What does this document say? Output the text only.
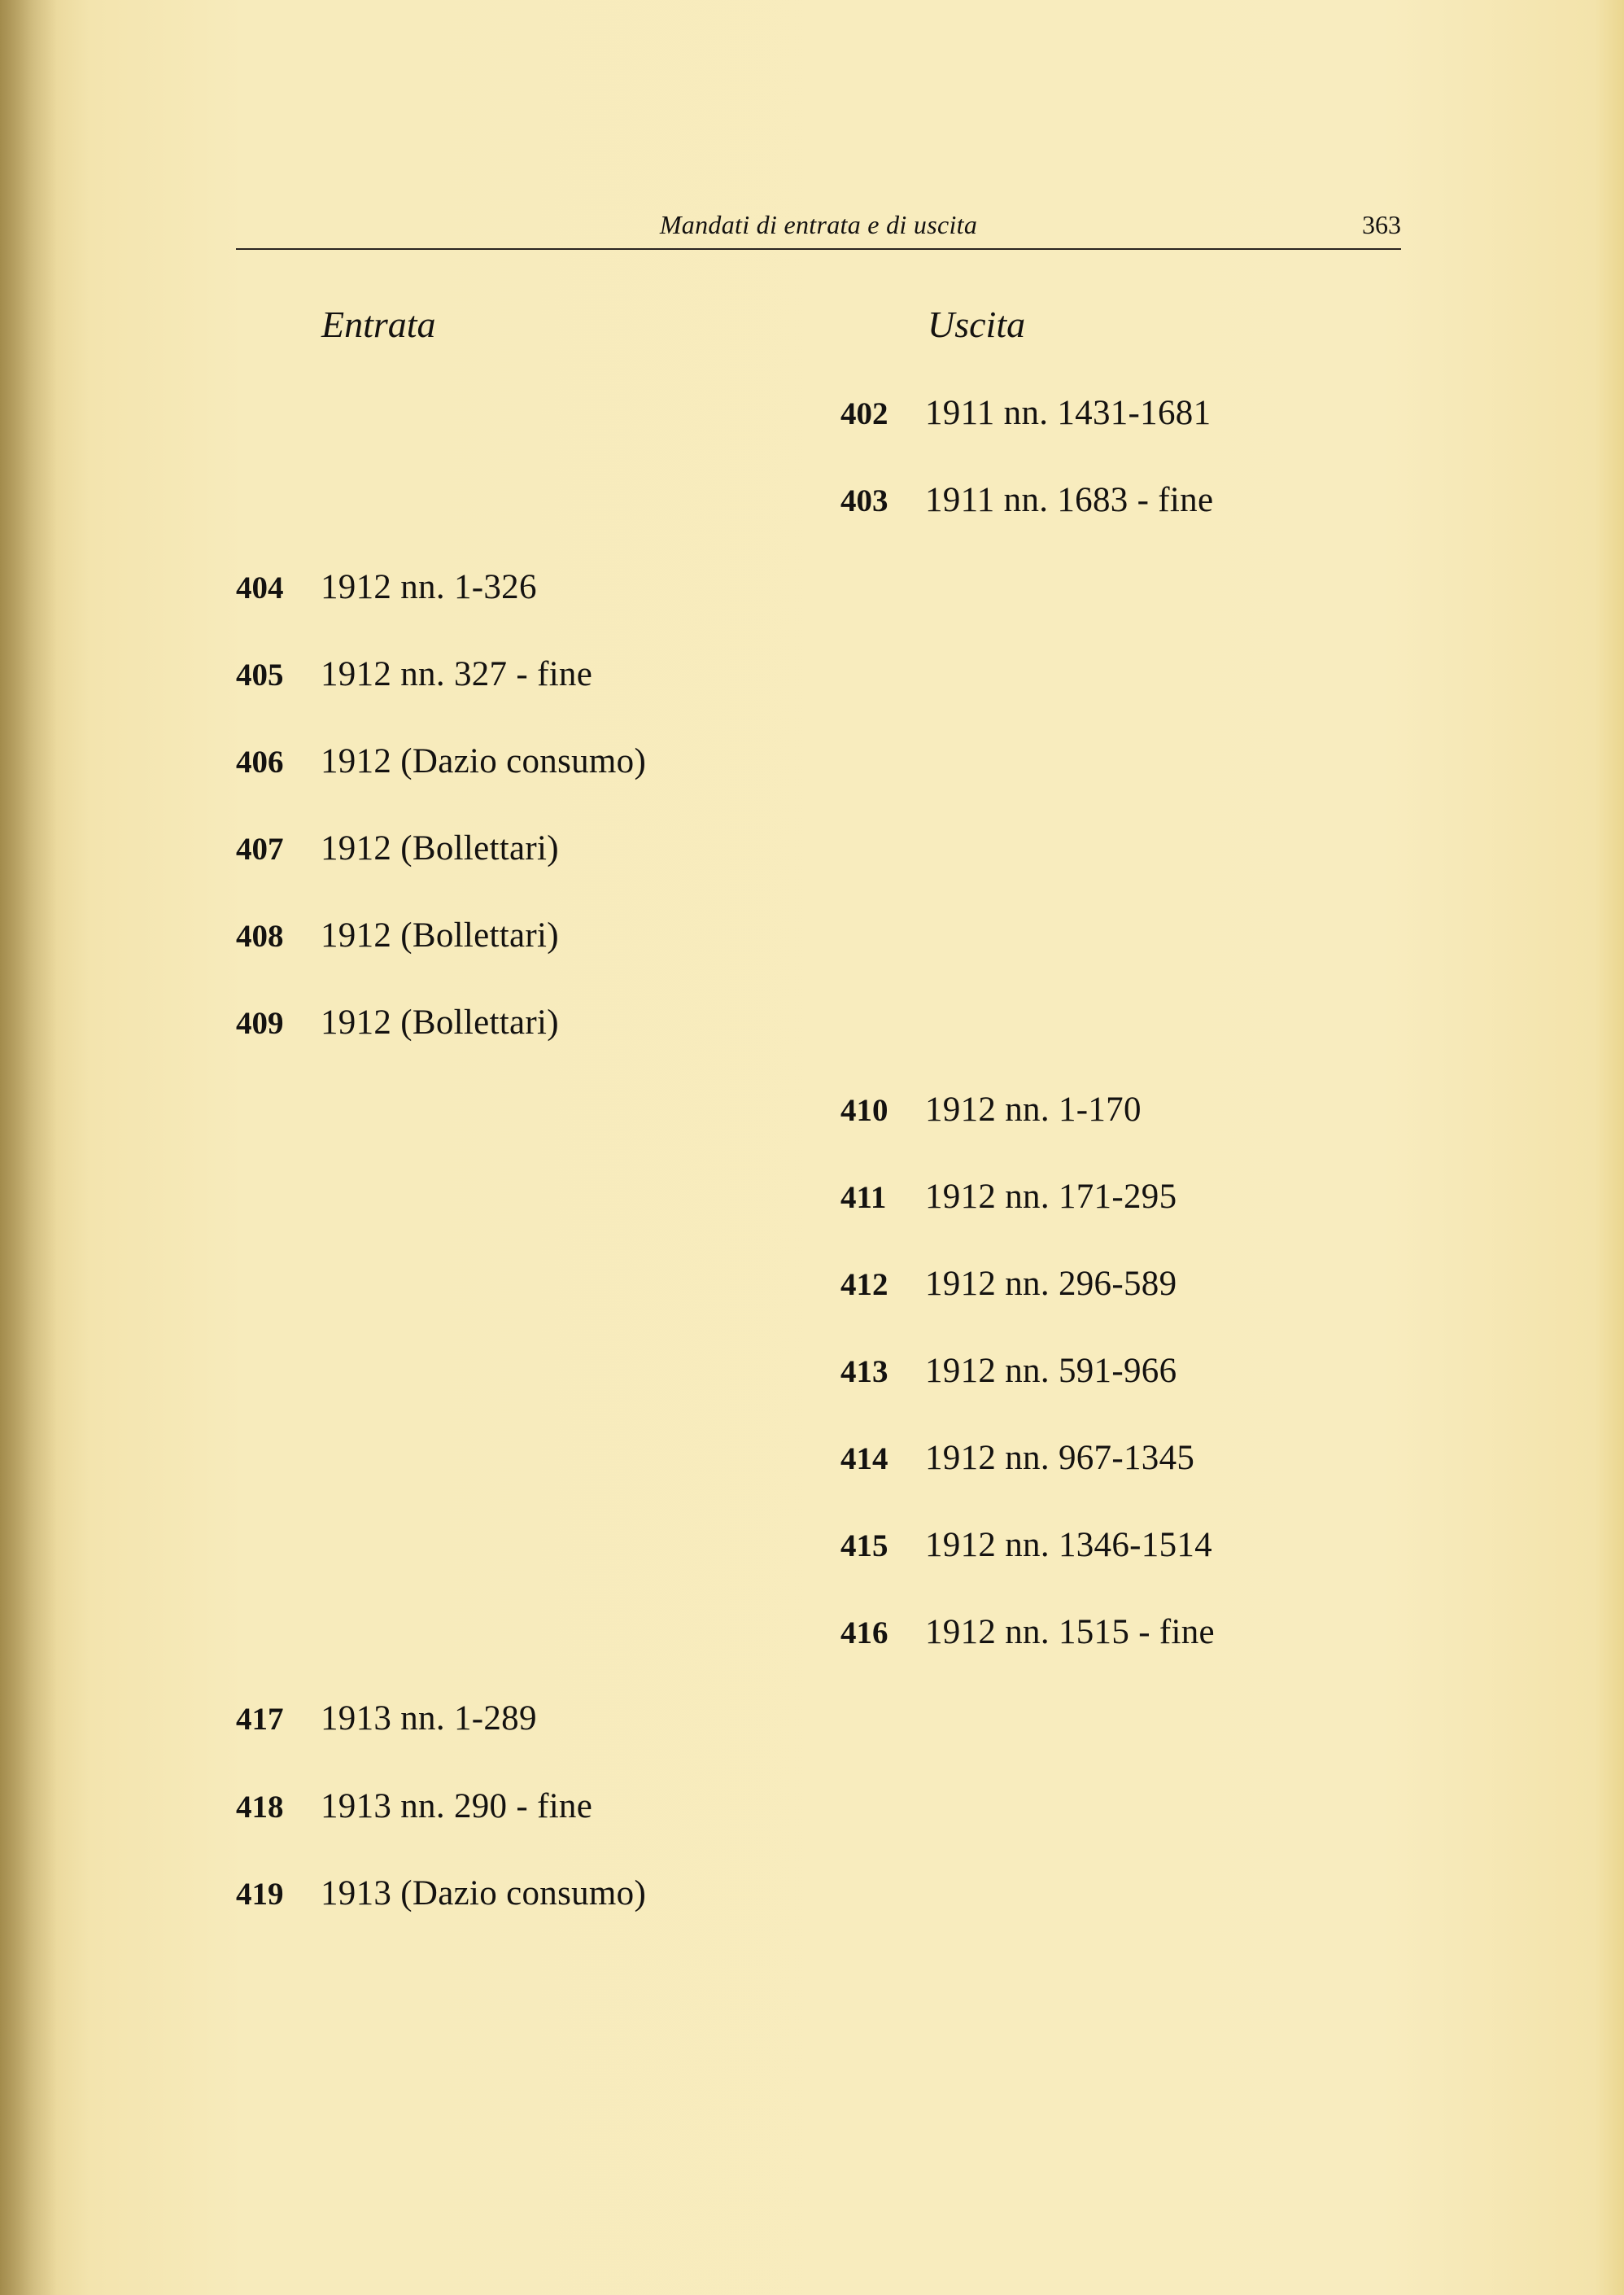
Mandati di entrata e di uscita	363
Entrata	Uscita
404 1912 nn. 1-326
405 1912 nn. 327 - fine
406 1912 (Dazio consumo)
407 1912 (Bollettari)
408 1912 (Bollettari)
409 1912 (Bollettari)
417 1913 nn. 1-289
418 1913 nn. 290 - fine
419 1913 (Dazio consumo)
402 1911 nn. 1431-1681
403 1911 nn. 1683 - fine
410 1912 nn. 1-170
411 1912 nn. 171-295
412 1912 nn. 296-589
413 1912 nn. 591-966
414 1912 nn. 967-1345
415 1912 nn. 1346-1514
416 1912 nn. 1515 - fine
